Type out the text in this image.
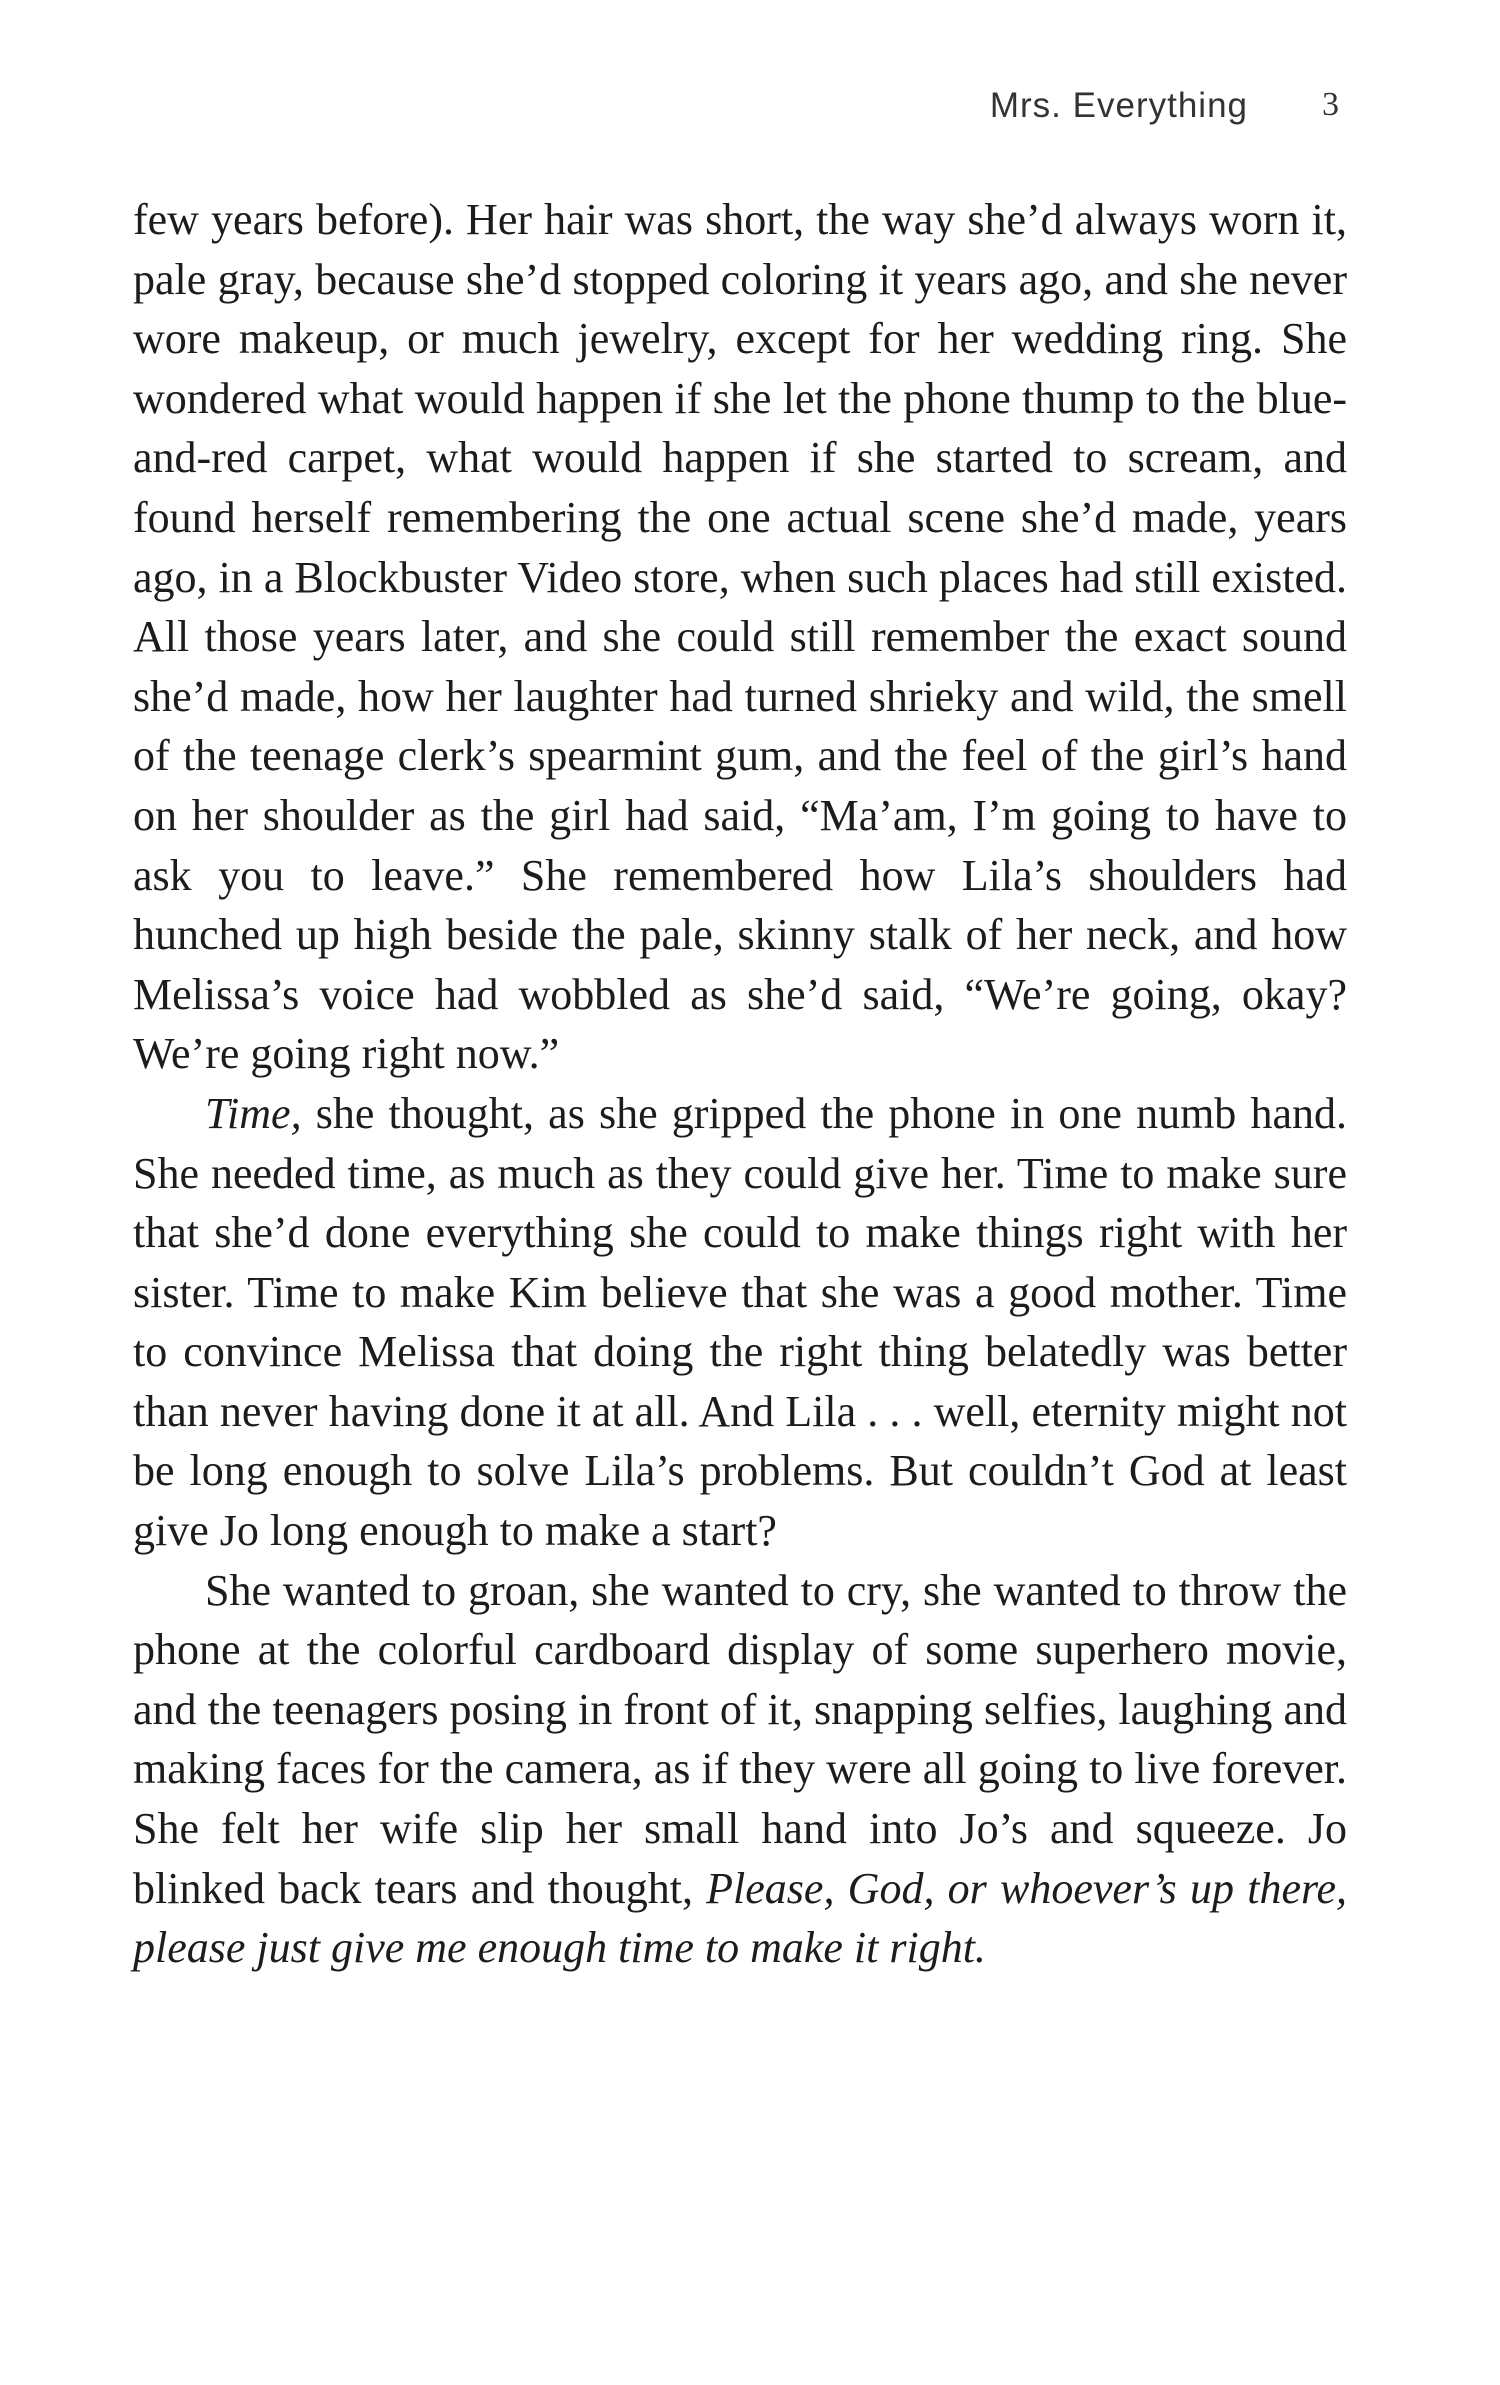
Mrs. Everything 3

few years before). Her hair was short, the way she’d always worn it, pale gray, because she’d stopped coloring it years ago, and she never wore makeup, or much jewelry, except for her wedding ring. She wondered what would happen if she let the phone thump to the blue-and-red carpet, what would happen if she started to scream, and found herself remembering the one actual scene she’d made, years ago, in a Blockbuster Video store, when such places had still existed. All those years later, and she could still remember the exact sound she’d made, how her laughter had turned shrieky and wild, the smell of the teenage clerk’s spearmint gum, and the feel of the girl’s hand on her shoulder as the girl had said, “Ma’am, I’m going to have to ask you to leave.” She remembered how Lila’s shoulders had hunched up high beside the pale, skinny stalk of her neck, and how Melissa’s voice had wobbled as she’d said, “We’re going, okay? We’re going right now.”

Time, she thought, as she gripped the phone in one numb hand. She needed time, as much as they could give her. Time to make sure that she’d done everything she could to make things right with her sister. Time to make Kim believe that she was a good mother. Time to convince Melissa that doing the right thing belatedly was better than never having done it at all. And Lila . . . well, eternity might not be long enough to solve Lila’s problems. But couldn’t God at least give Jo long enough to make a start?

She wanted to groan, she wanted to cry, she wanted to throw the phone at the colorful cardboard display of some superhero movie, and the teenagers posing in front of it, snapping selfies, laughing and making faces for the camera, as if they were all going to live forever. She felt her wife slip her small hand into Jo’s and squeeze. Jo blinked back tears and thought, Please, God, or whoever’s up there, please just give me enough time to make it right.
